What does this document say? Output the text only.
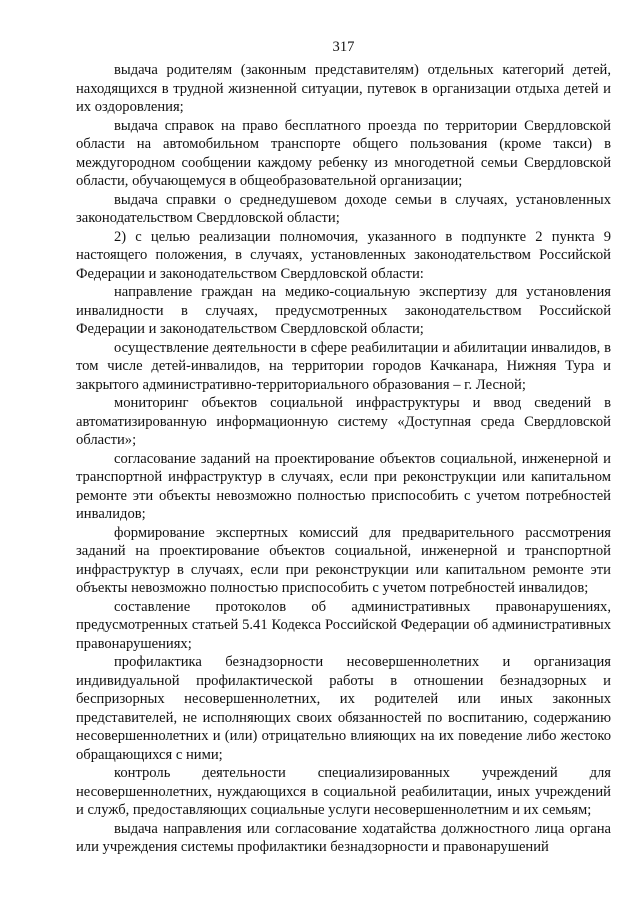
317

выдача родителям (законным представителям) отдельных категорий детей, находящихся в трудной жизненной ситуации, путевок в организации отдыха детей и их оздоровления;

выдача справок на право бесплатного проезда по территории Свердловской области на автомобильном транспорте общего пользования (кроме такси) в междугородном сообщении каждому ребенку из многодетной семьи Свердловской области, обучающемуся в общеобразовательной организации;

выдача справки о среднедушевом доходе семьи в случаях, установленных законодательством Свердловской области;

2) с целью реализации полномочия, указанного в подпункте 2 пункта 9 настоящего положения, в случаях, установленных законодательством Российской Федерации и законодательством Свердловской области:

направление граждан на медико-социальную экспертизу для установления инвалидности в случаях, предусмотренных законодательством Российской Федерации и законодательством Свердловской области;

осуществление деятельности в сфере реабилитации и абилитации инвалидов, в том числе детей-инвалидов, на территории городов Качканара, Нижняя Тура и закрытого административно-территориального образования – г. Лесной;

мониторинг объектов социальной инфраструктуры и ввод сведений в автоматизированную информационную систему «Доступная среда Свердловской области»;

согласование заданий на проектирование объектов социальной, инженерной и транспортной инфраструктур в случаях, если при реконструкции или капитальном ремонте эти объекты невозможно полностью приспособить с учетом потребностей инвалидов;

формирование экспертных комиссий для предварительного рассмотрения заданий на проектирование объектов социальной, инженерной и транспортной инфраструктур в случаях, если при реконструкции или капитальном ремонте эти объекты невозможно полностью приспособить с учетом потребностей инвалидов;

составление протоколов об административных правонарушениях, предусмотренных статьей 5.41 Кодекса Российской Федерации об административных правонарушениях;

профилактика безнадзорности несовершеннолетних и организация индивидуальной профилактической работы в отношении безнадзорных и беспризорных несовершеннолетних, их родителей или иных законных представителей, не исполняющих своих обязанностей по воспитанию, содержанию несовершеннолетних и (или) отрицательно влияющих на их поведение либо жестоко обращающихся с ними;

контроль деятельности специализированных учреждений для несовершеннолетних, нуждающихся в социальной реабилитации, иных учреждений и служб, предоставляющих социальные услуги несовершеннолетним и их семьям;

выдача направления или согласование ходатайства должностного лица органа или учреждения системы профилактики безнадзорности и правонарушений
